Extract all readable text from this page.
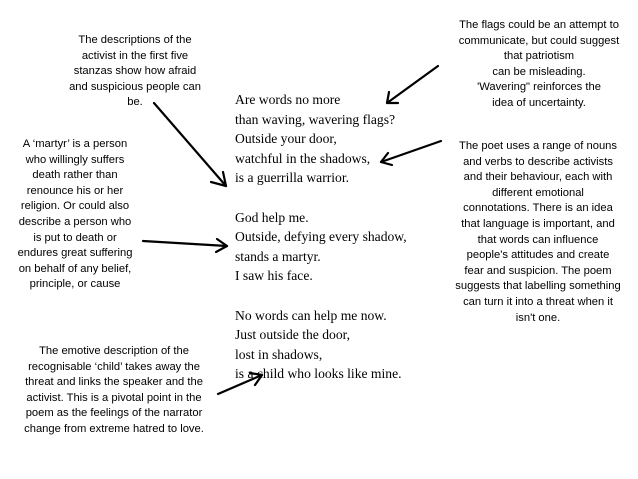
The descriptions of the
activist in the first five
stanzas show how afraid
and suspicious people can
be.
A ‘martyr’ is a person
who willingly suffers
death rather than
renounce his or her
religion. Or could also
describe a person who
is put to death or
endures great suffering
on behalf of any belief,
principle, or cause
The emotive description of the
recognisable ‘child’ takes away the
threat and links the speaker and the
activist. This is a pivotal point in the
poem as the feelings of the narrator
change from extreme hatred to love.
The flags could be an attempt to
communicate, but could suggest
that patriotism
can be misleading.
'Wavering" reinforces the
idea of uncertainty.
The poet uses a range of nouns
and verbs to describe activists
and their behaviour, each with
different emotional
connotations. There is an idea
that language is important, and
that words can influence
people's attitudes and create
fear and suspicion. The poem
suggests that labelling something
can turn it into a threat when it
isn't one.
Are words no more
than waving, wavering flags?
Outside your door,
watchful in the shadows,
is a guerrilla warrior.
God help me.
Outside, defying every shadow,
stands a martyr.
I saw his face.
No words can help me now.
Just outside the door,
lost in shadows,
is a child who looks like mine.
